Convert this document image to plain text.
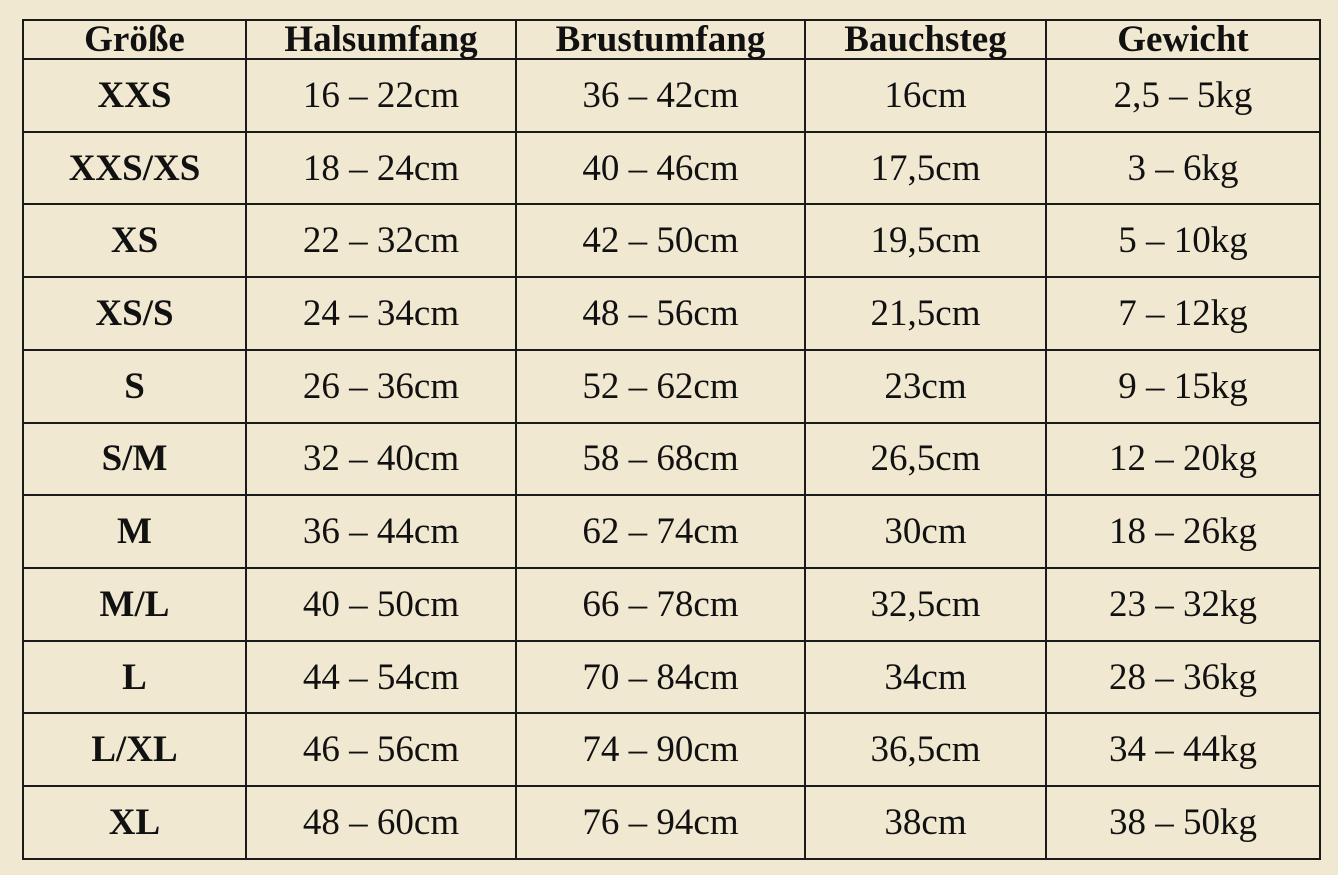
Größe	Halsumfang	Brustumfang	Bauchsteg	Gewicht
XXS	16 – 22cm	36 – 42cm	16cm	2,5 – 5kg
XXS/XS	18 – 24cm	40 – 46cm	17,5cm	3 – 6kg
XS	22 – 32cm	42 – 50cm	19,5cm	5 – 10kg
XS/S	24 – 34cm	48 – 56cm	21,5cm	7 – 12kg
S	26 – 36cm	52 – 62cm	23cm	9 – 15kg
S/M	32 – 40cm	58 – 68cm	26,5cm	12 – 20kg
M	36 – 44cm	62 – 74cm	30cm	18 – 26kg
M/L	40 – 50cm	66 – 78cm	32,5cm	23 – 32kg
L	44 – 54cm	70 – 84cm	34cm	28 – 36kg
L/XL	46 – 56cm	74 – 90cm	36,5cm	34 – 44kg
XL	48 – 60cm	76 – 94cm	38cm	38 – 50kg
